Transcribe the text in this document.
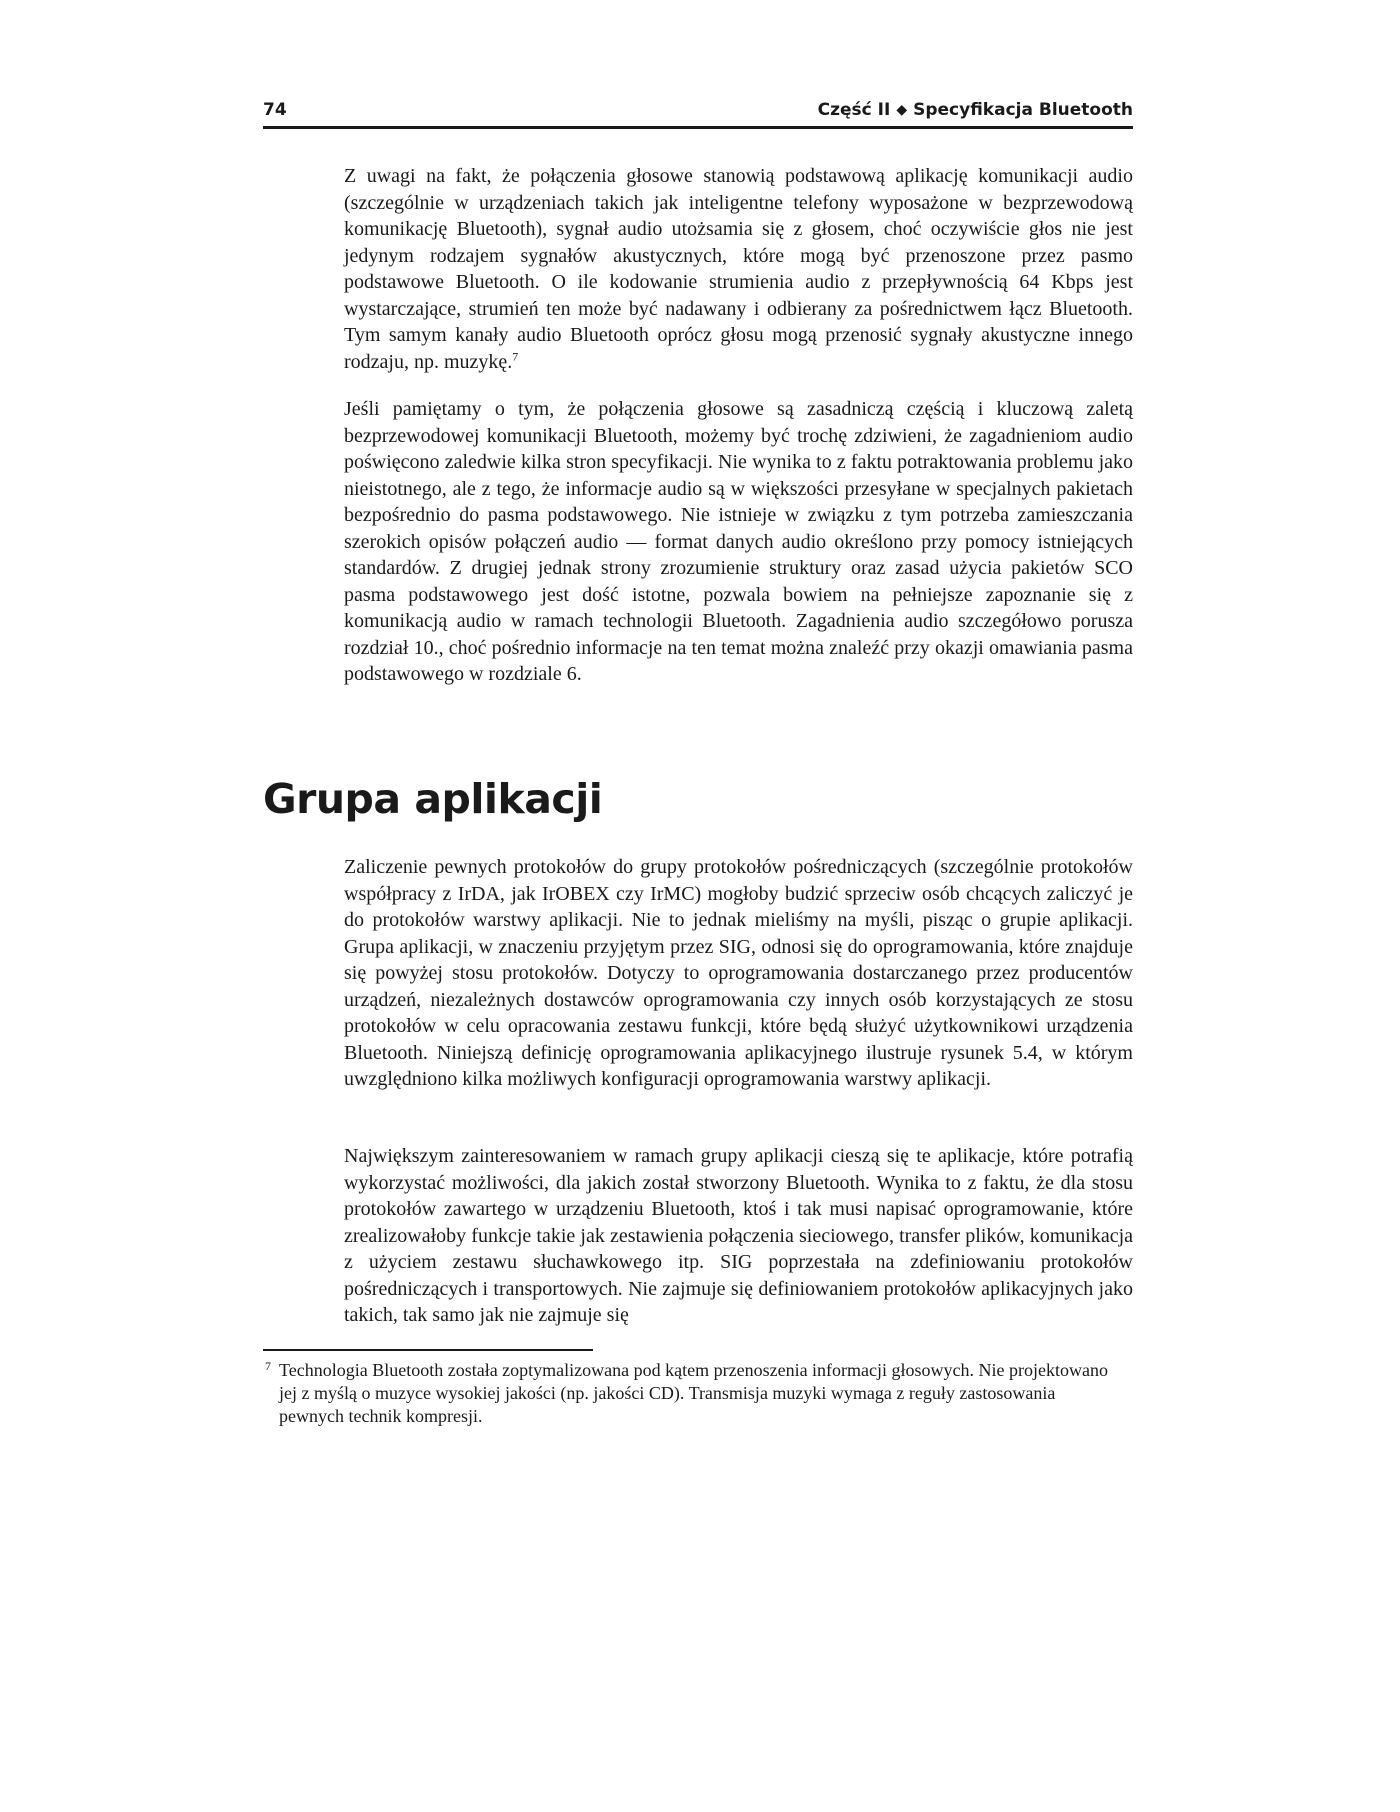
74	Część II ◆ Specyfikacja Bluetooth

Z uwagi na fakt, że połączenia głosowe stanowią podstawową aplikację komunikacji audio (szczególnie w urządzeniach takich jak inteligentne telefony wyposażone w bezprzewodową komunikację Bluetooth), sygnał audio utożsamia się z głosem, choć oczywiście głos nie jest jedynym rodzajem sygnałów akustycznych, które mogą być przenoszone przez pasmo podstawowe Bluetooth. O ile kodowanie strumienia audio z przepływnością 64 Kbps jest wystarczające, strumień ten może być nadawany i odbierany za pośrednictwem łącz Bluetooth. Tym samym kanały audio Bluetooth oprócz głosu mogą przenosić sygnały akustyczne innego rodzaju, np. muzykę.$^7$

Jeśli pamiętamy o tym, że połączenia głosowe są zasadniczą częścią i kluczową zaletą bezprzewodowej komunikacji Bluetooth, możemy być trochę zdziwieni, że zagadnieniom audio poświęcono zaledwie kilka stron specyfikacji. Nie wynika to z faktu potraktowania problemu jako nieistotnego, ale z tego, że informacje audio są w większości przesyłane w specjalnych pakietach bezpośrednio do pasma podstawowego. Nie istnieje w związku z tym potrzeba zamieszczania szerokich opisów połączeń audio — format danych audio określono przy pomocy istniejących standardów. Z drugiej jednak strony zrozumienie struktury oraz zasad użycia pakietów SCO pasma podstawowego jest dość istotne, pozwala bowiem na pełniejsze zapoznanie się z komunikacją audio w ramach technologii Bluetooth. Zagadnienia audio szczegółowo porusza rozdział 10., choć pośrednio informacje na ten temat można znaleźć przy okazji omawiania pasma podstawowego w rozdziale 6.

Grupa aplikacji

Zaliczenie pewnych protokołów do grupy protokołów pośredniczących (szczególnie protokołów współpracy z IrDA, jak IrOBEX czy IrMC) mogłoby budzić sprzeciw osób chcących zaliczyć je do protokołów warstwy aplikacji. Nie to jednak mieliśmy na myśli, pisząc o grupie aplikacji. Grupa aplikacji, w znaczeniu przyjętym przez SIG, odnosi się do oprogramowania, które znajduje się powyżej stosu protokołów. Dotyczy to oprogramowania dostarczanego przez producentów urządzeń, niezależnych dostawców oprogramowania czy innych osób korzystających ze stosu protokołów w celu opracowania zestawu funkcji, które będą służyć użytkownikowi urządzenia Bluetooth. Niniejszą definicję oprogramowania aplikacyjnego ilustruje rysunek 5.4, w którym uwzględniono kilka możliwych konfiguracji oprogramowania warstwy aplikacji.

Największym zainteresowaniem w ramach grupy aplikacji cieszą się te aplikacje, które potrafią wykorzystać możliwości, dla jakich został stworzony Bluetooth. Wynika to z faktu, że dla stosu protokołów zawartego w urządzeniu Bluetooth, ktoś i tak musi napisać oprogramowanie, które zrealizowałoby funkcje takie jak zestawienia połączenia sieciowego, transfer plików, komunikacja z użyciem zestawu słuchawkowego itp. SIG poprzestała na zdefiniowaniu protokołów pośredniczących i transportowych. Nie zajmuje się definiowaniem protokołów aplikacyjnych jako takich, tak samo jak nie zajmuje się

7 Technologia Bluetooth została zoptymalizowana pod kątem przenoszenia informacji głosowych. Nie projektowano jej z myślą o muzyce wysokiej jakości (np. jakości CD). Transmisja muzyki wymaga z reguły zastosowania pewnych technik kompresji.
